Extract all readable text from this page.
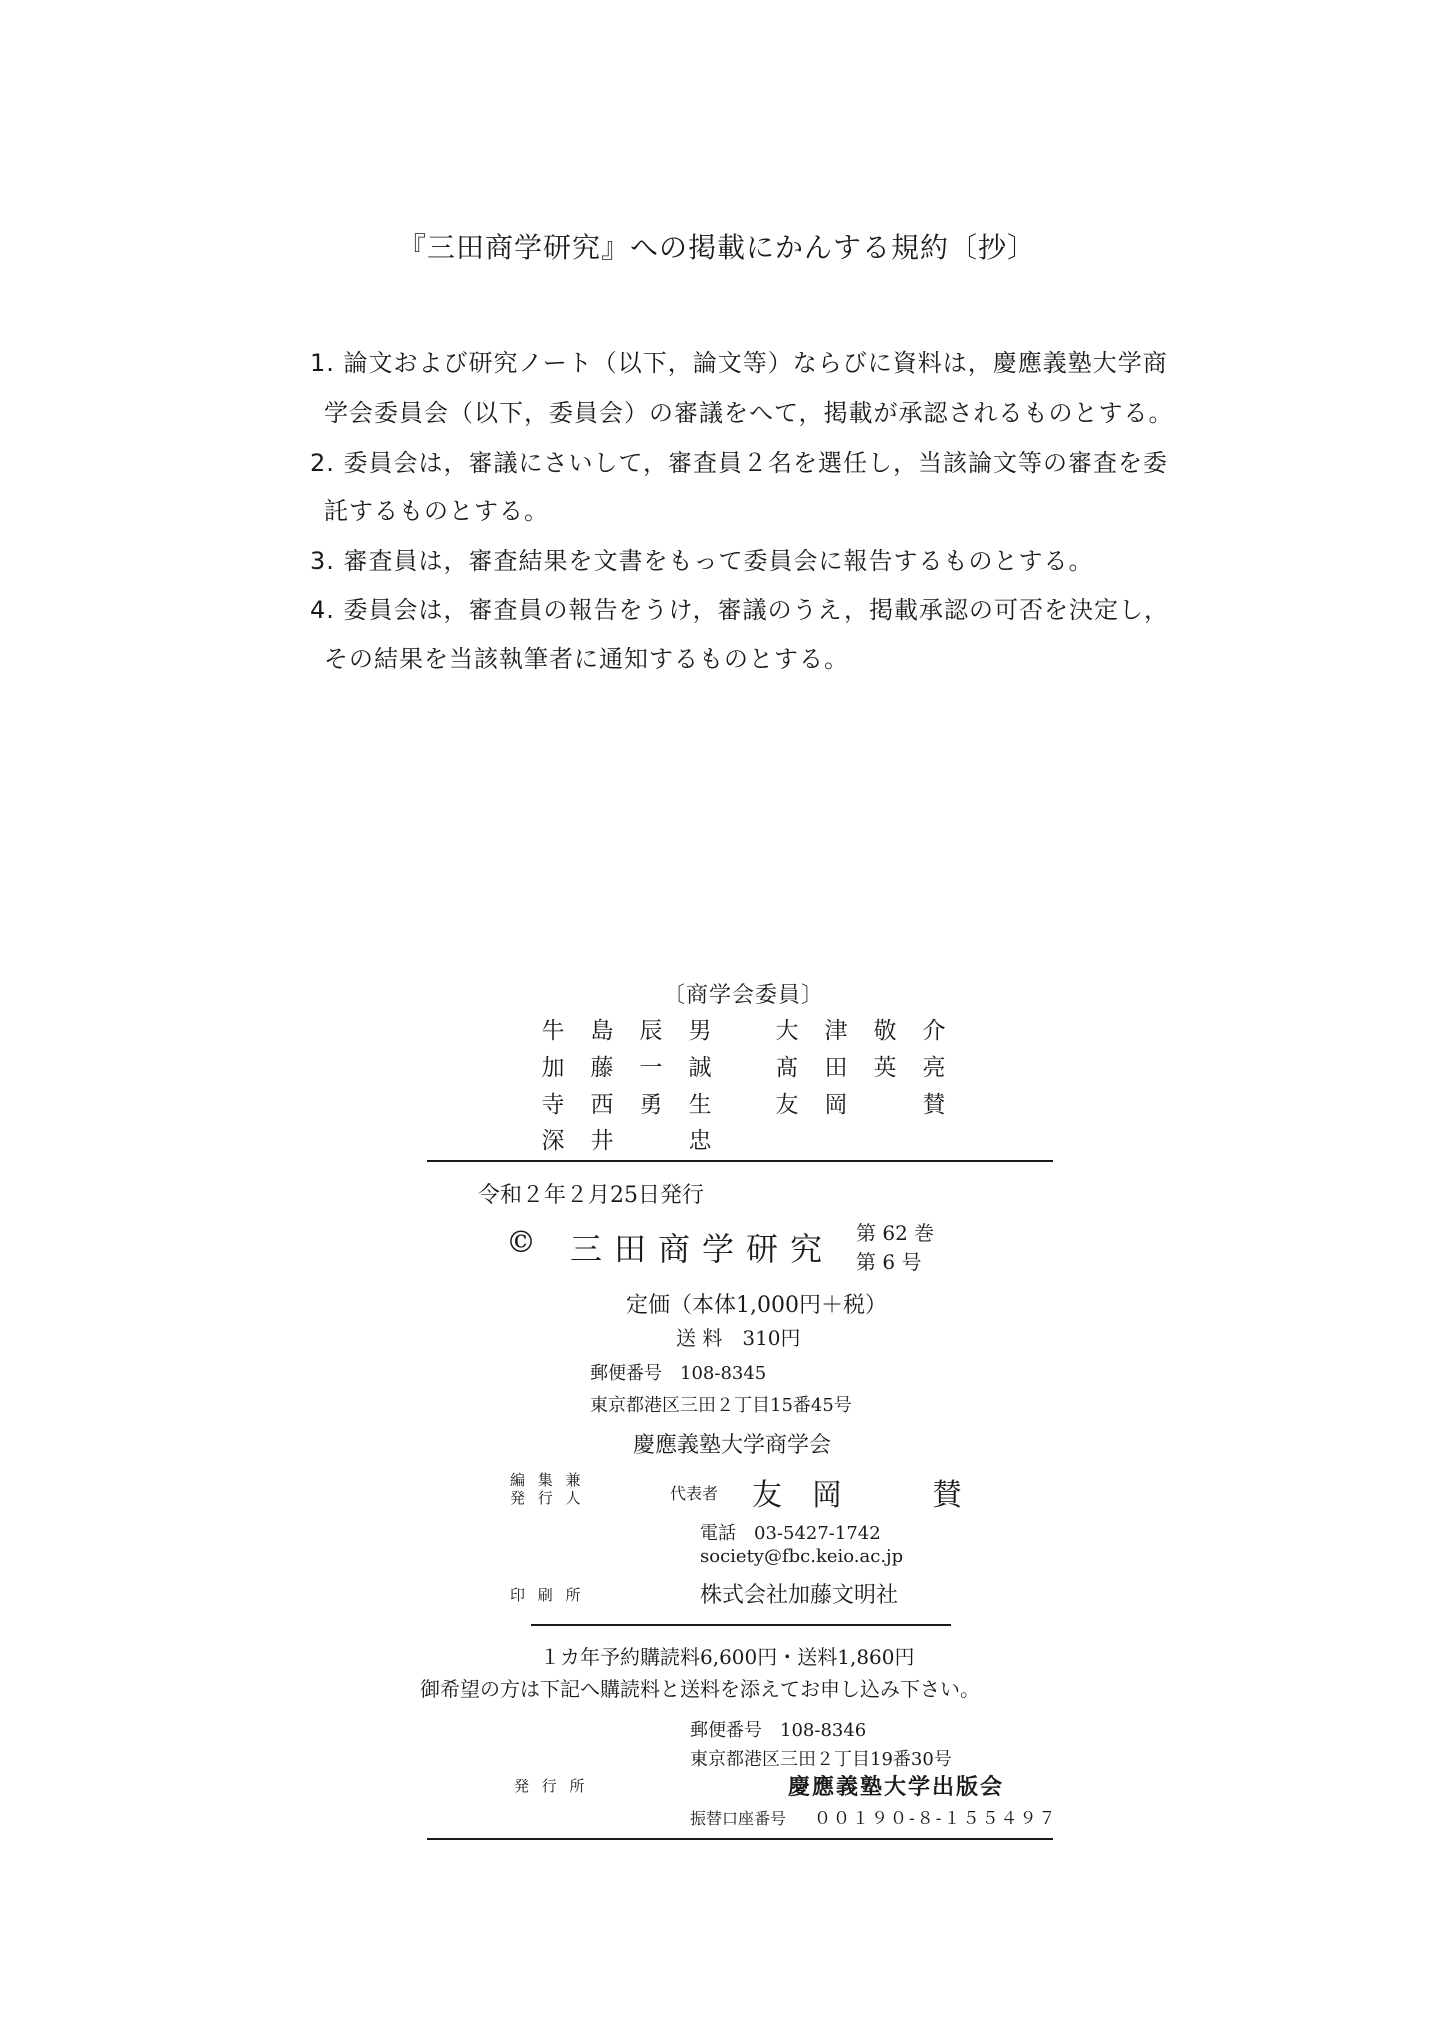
『三田商学研究』への掲載にかんする規約〔抄〕
1. 論文および研究ノート（以下，論文等）ならびに資料は，慶應義塾大学商
学会委員会（以下，委員会）の審議をへて，掲載が承認されるものとする。
2. 委員会は，審議にさいして，審査員２名を選任し，当該論文等の審査を委
託するものとする。
3. 審査員は，審査結果を文書をもって委員会に報告するものとする。
4. 委員会は，審査員の報告をうけ，審議のうえ，掲載承認の可否を決定し，
その結果を当該執筆者に通知するものとする。
〔商学会委員〕
牛	島	辰	男	大	津	敬	介
加	藤	一	誠	髙	田	英	亮
寺	西	勇	生	友	岡	賛
深	井	忠
令和２年２月25日発行
© 三田商学研究 第 62 巻
第 6 号
定価（本体1,000円＋税）
送 料　310円
郵便番号　108-8345
東京都港区三田２丁目15番45号
慶應義塾大学商学会
編 集 兼
発 行 人	代表者 友　岡　　　賛
電話　03-5427-1742
society@fbc.keio.ac.jp
印 刷 所	株式会社加藤文明社
１カ年予約購読料6,600円・送料1,860円
御希望の方は下記へ購読料と送料を添えてお申し込み下さい。
郵便番号　108-8346
東京都港区三田２丁目19番30号
発 行 所	慶應義塾大学出版会
振替口座番号 ００１９０-８-１５５４９７
